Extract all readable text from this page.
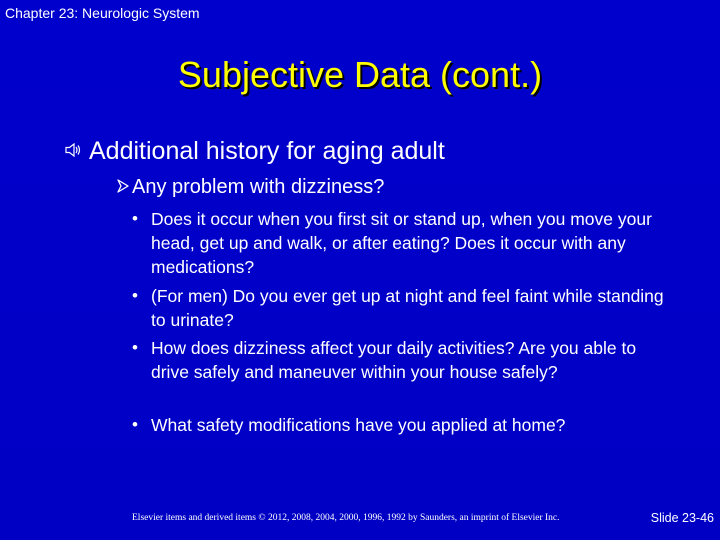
Chapter 23: Neurologic System
Subjective Data (cont.)
Additional history for aging adult
Any problem with dizziness?
• Does it occur when you first sit or stand up, when you move your head, get up and walk, or after eating? Does it occur with any medications?
• (For men) Do you ever get up at night and feel faint while standing to urinate?
• How does dizziness affect your daily activities? Are you able to drive safely and maneuver within your house safely?
• What safety modifications have you applied at home?
Elsevier items and derived items © 2012, 2008, 2004, 2000, 1996, 1992 by Saunders, an imprint of Elsevier Inc.	Slide 23-46
